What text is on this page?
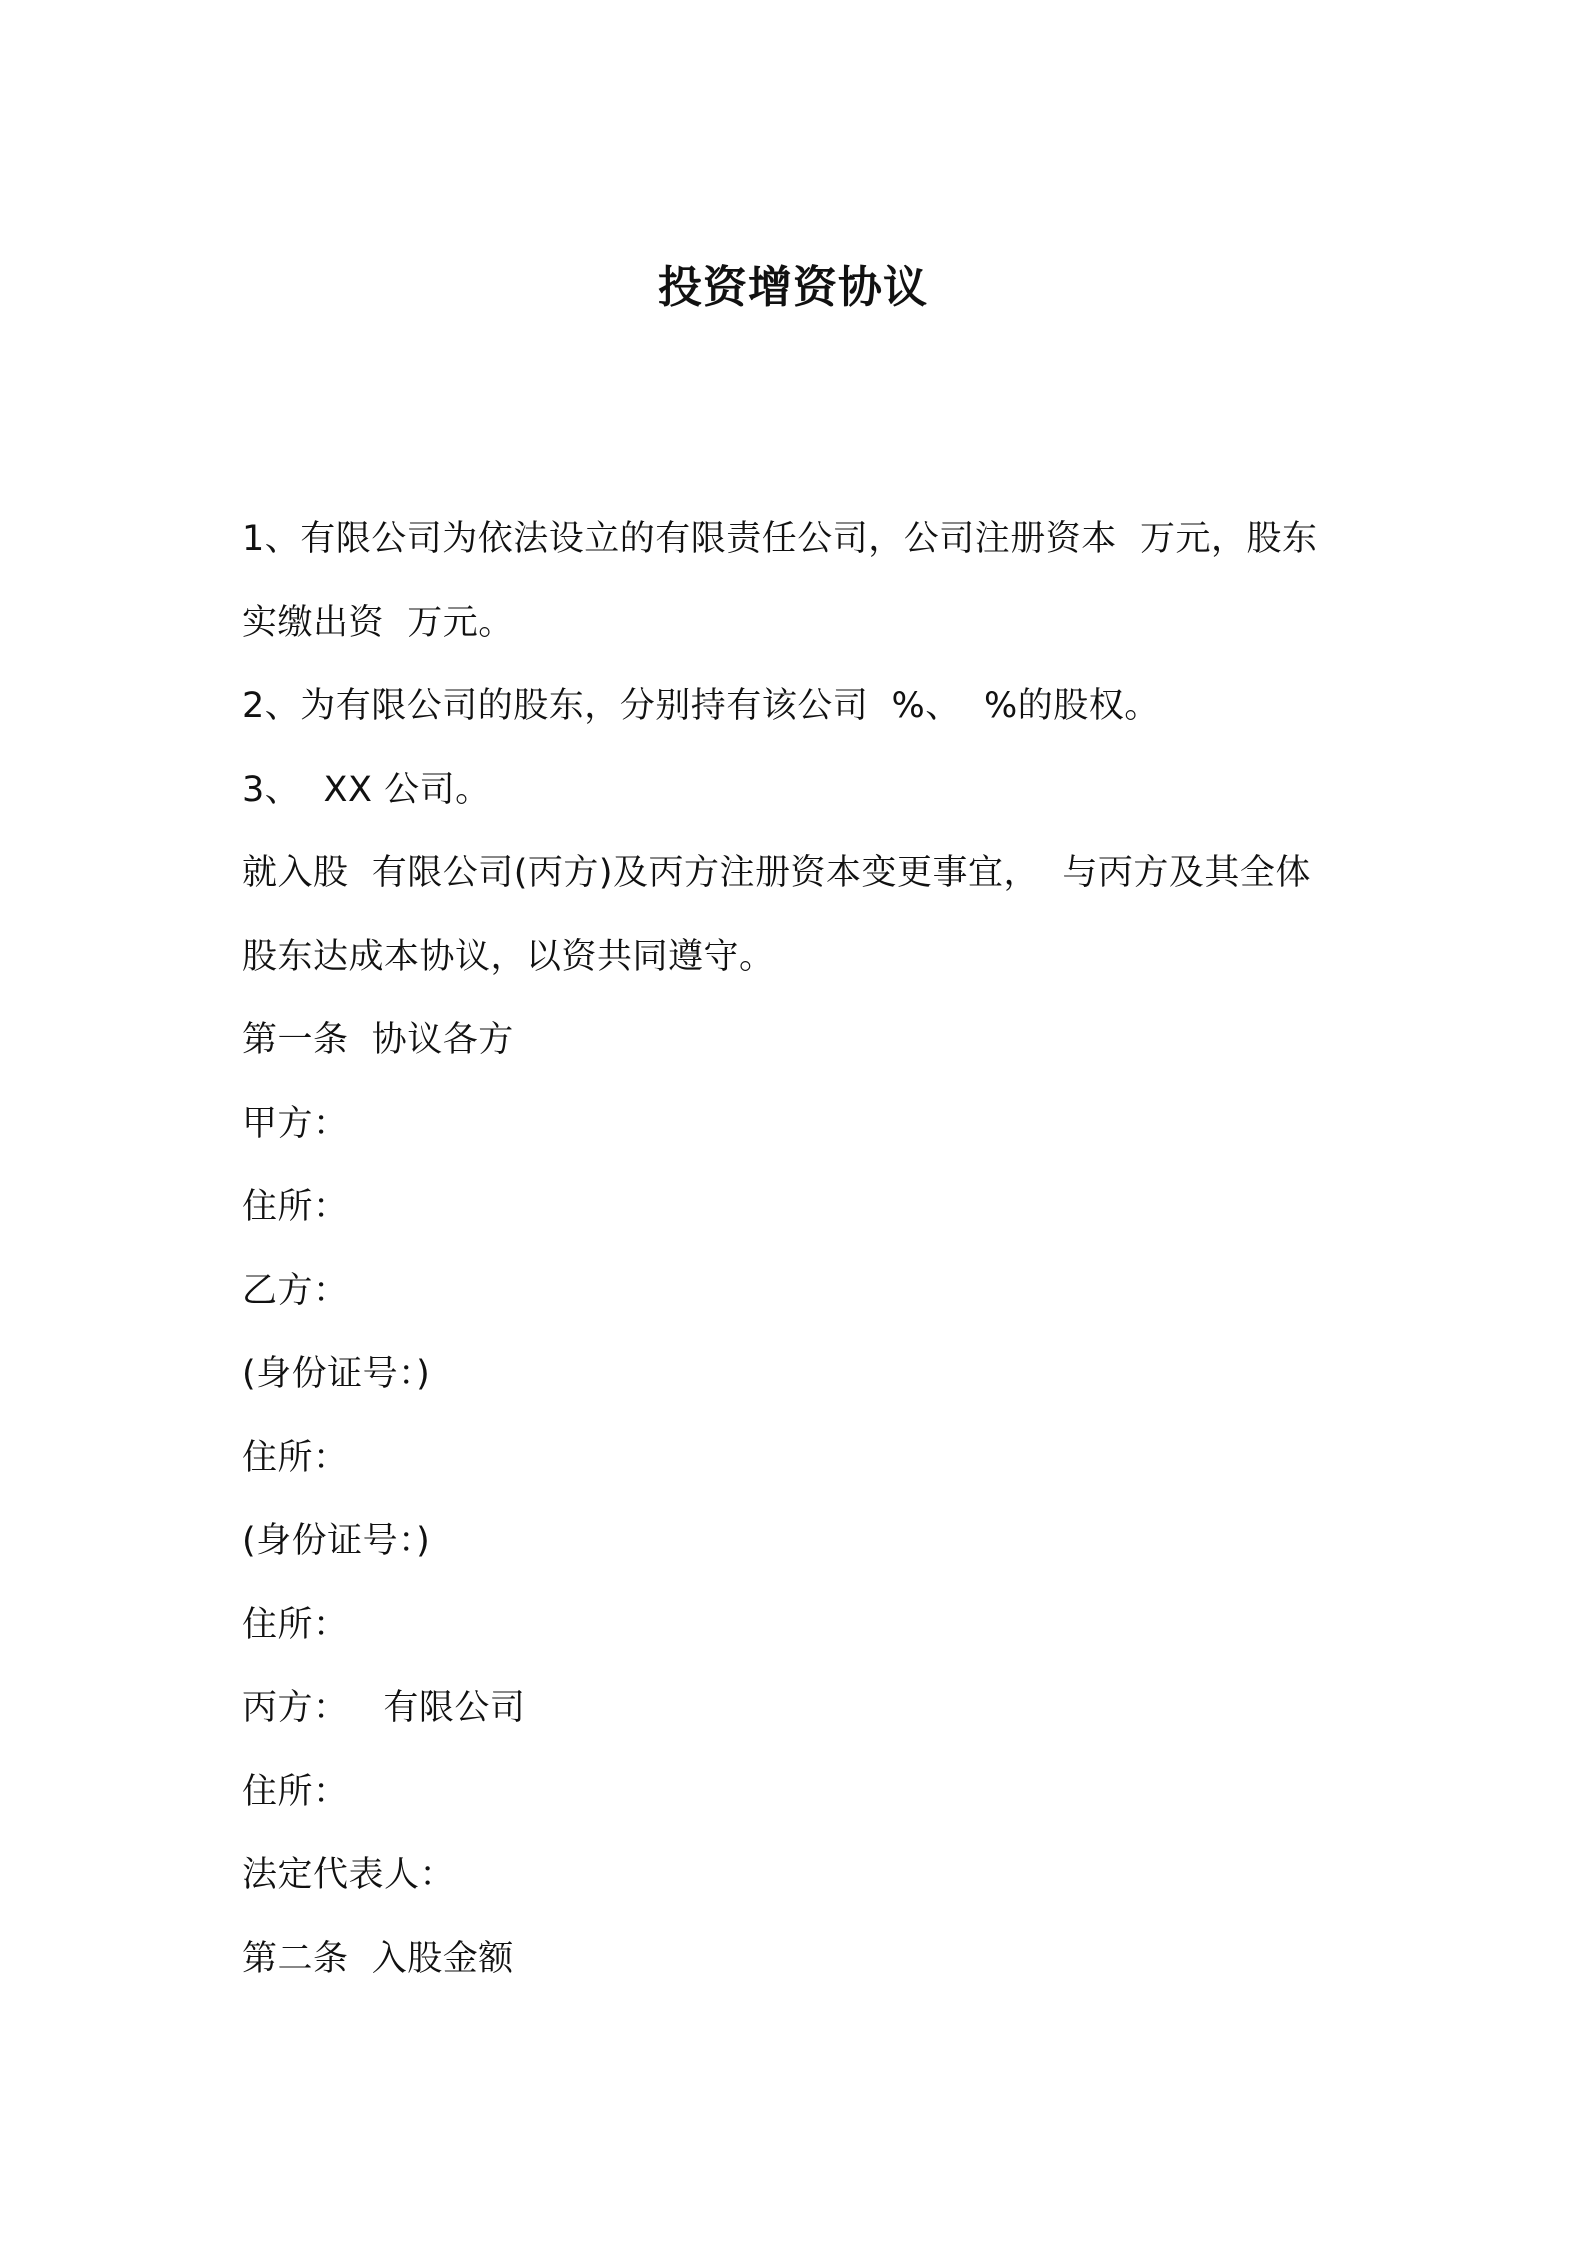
投资增资协议
1、有限公司为依法设立的有限责任公司，公司注册资本  万元，股东
实缴出资  万元。
2、为有限公司的股东，分别持有该公司  %、  %的股权。
3、  XX 公司。
就入股  有限公司(丙方)及丙方注册资本变更事宜，  与丙方及其全体
股东达成本协议，以资共同遵守。
第一条  协议各方
甲方：
住所：
乙方：
(身份证号：)
住所：
(身份证号：)
住所：
丙方：   有限公司
住所：
法定代表人：
第二条  入股金额
